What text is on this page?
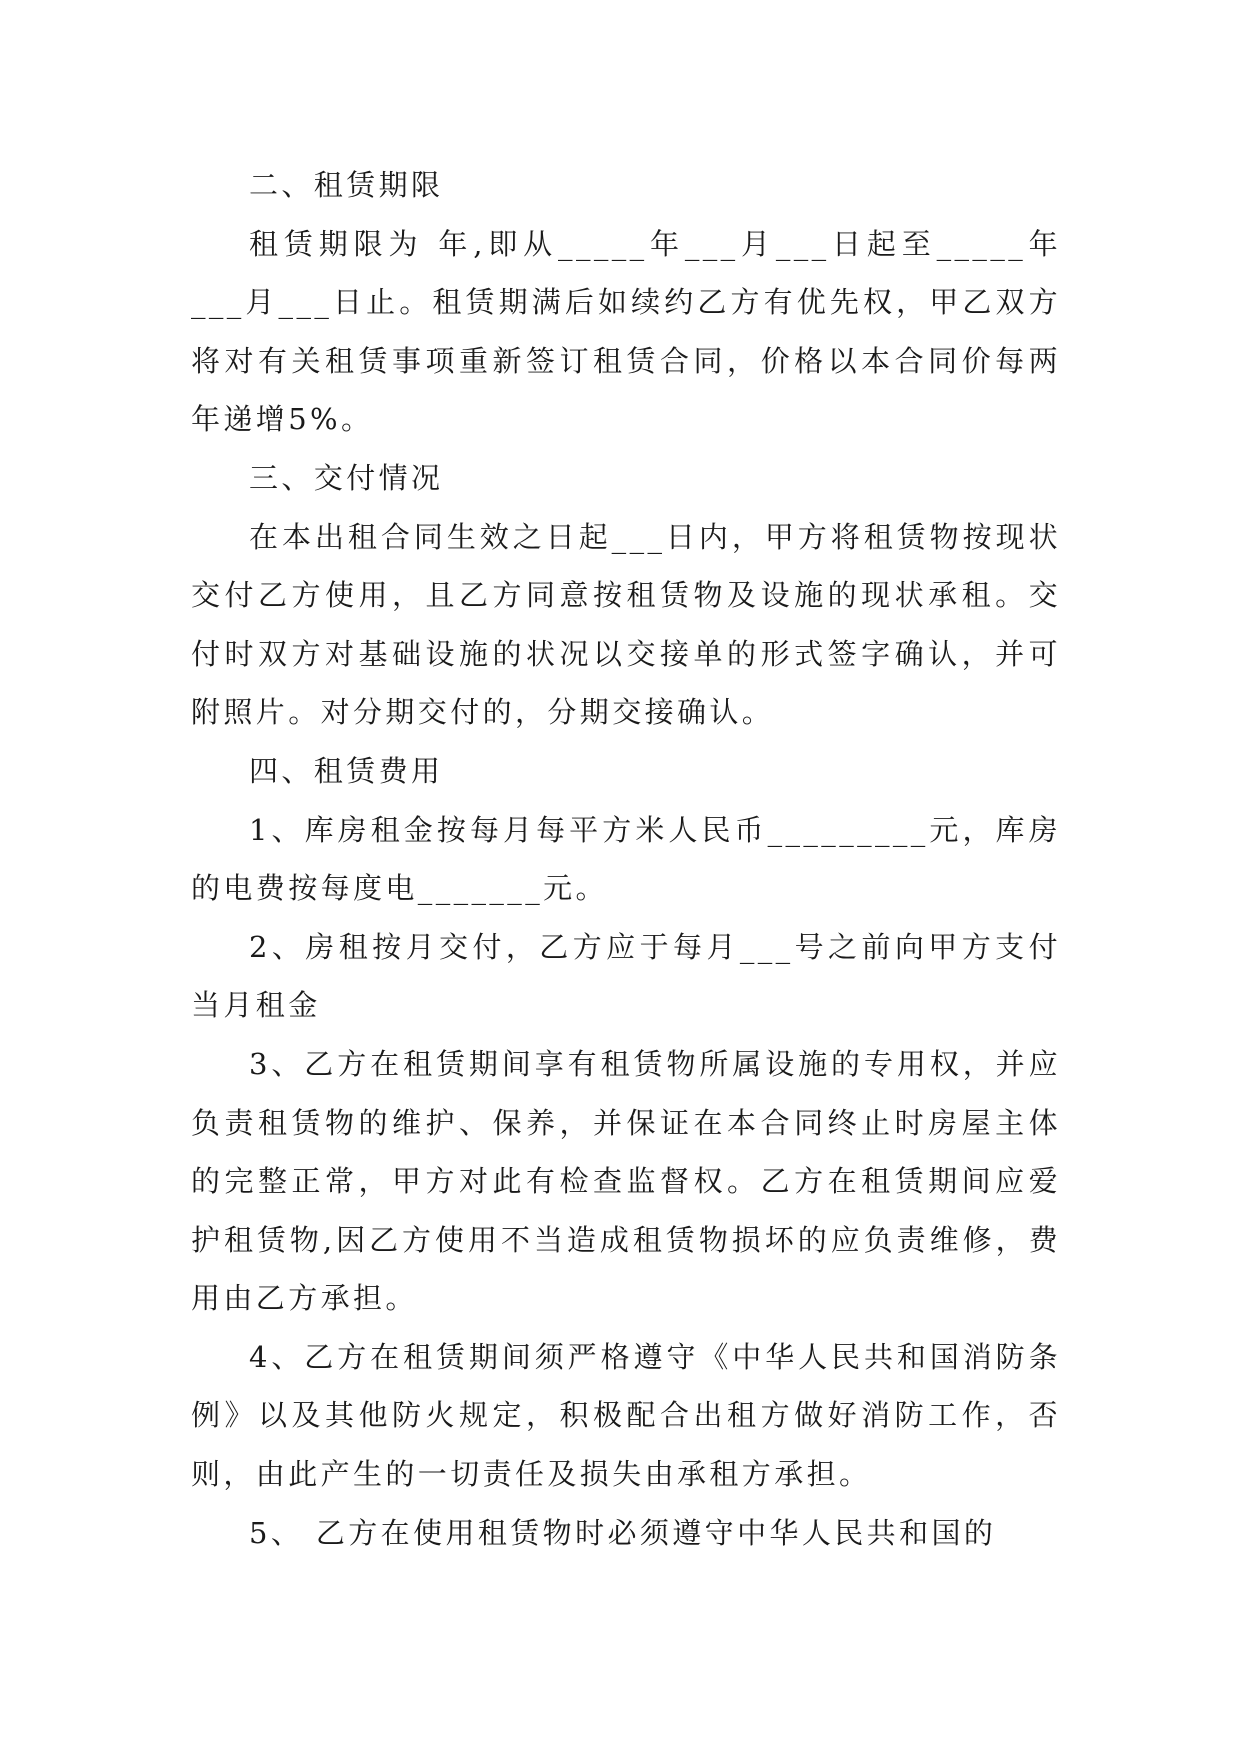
二、租赁期限

租赁期限为 年,即从_____年___月___日起至_____年___月___日止。租赁期满后如续约乙方有优先权，甲乙双方将对有关租赁事项重新签订租赁合同，价格以本合同价每两年递增5%。

三、交付情况

在本出租合同生效之日起___日内，甲方将租赁物按现状交付乙方使用，且乙方同意按租赁物及设施的现状承租。交付时双方对基础设施的状况以交接单的形式签字确认，并可附照片。对分期交付的，分期交接确认。

四、租赁费用

1、库房租金按每月每平方米人民币_________元，库房的电费按每度电_______元。

2、房租按月交付，乙方应于每月___号之前向甲方支付当月租金

3、乙方在租赁期间享有租赁物所属设施的专用权，并应负责租赁物的维护、保养，并保证在本合同终止时房屋主体的完整正常，甲方对此有检查监督权。乙方在租赁期间应爱护租赁物,因乙方使用不当造成租赁物损坏的应负责维修，费用由乙方承担。

4、乙方在租赁期间须严格遵守《中华人民共和国消防条例》以及其他防火规定，积极配合出租方做好消防工作，否则，由此产生的一切责任及损失由承租方承担。

5、 乙方在使用租赁物时必须遵守中华人民共和国的
